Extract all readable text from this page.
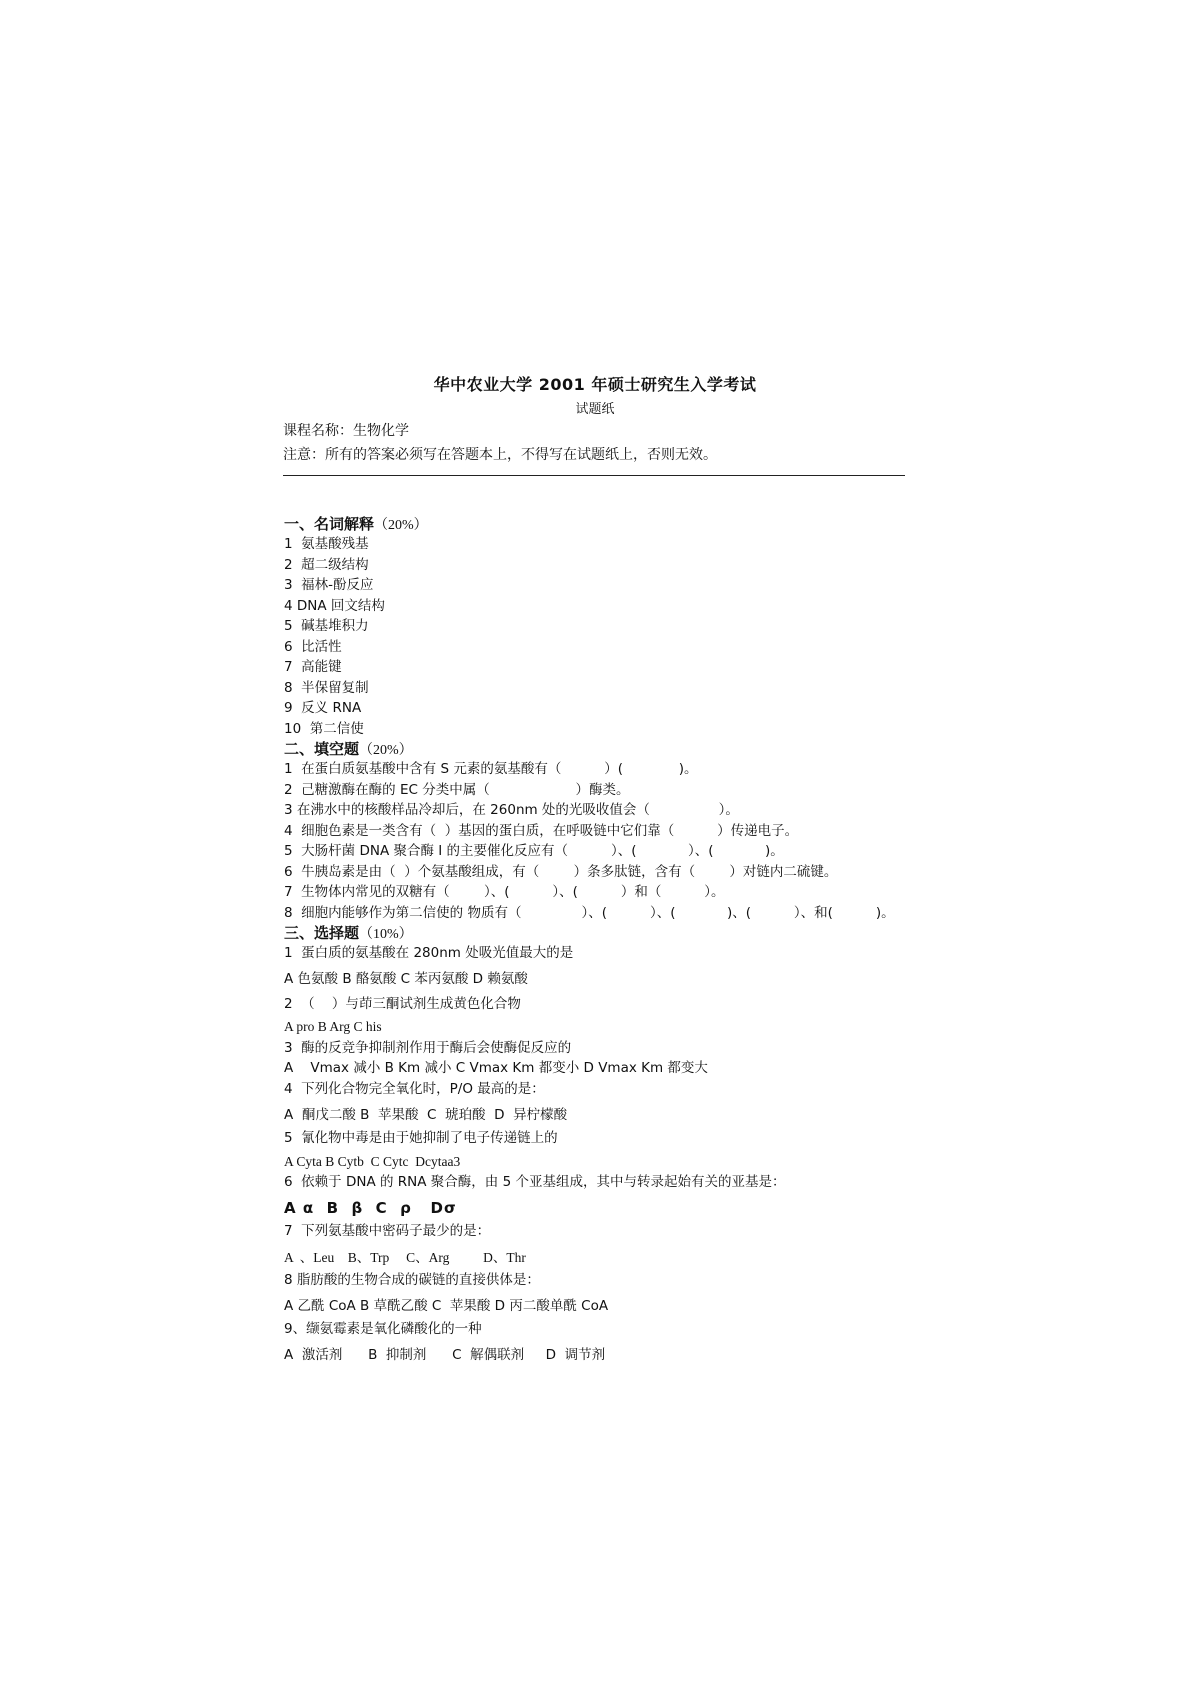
华中农业大学 2001 年硕士研究生入学考试
试题纸
课程名称：生物化学
注意：所有的答案必须写在答题本上，不得写在试题纸上，否则无效。
一、名词解释（20%）
1  氨基酸残基
2  超二级结构
3  福林-酚反应
4 DNA 回文结构
5  碱基堆积力
6  比活性
7  高能键
8  半保留复制
9  反义 RNA
10  第二信使
二、填空题（20%）
1  在蛋白质氨基酸中含有 S 元素的氨基酸有（          ）(             )。
2  己糖激酶在酶的 EC 分类中属（                    ）酶类。
3 在沸水中的核酸样品冷却后，在 260nm 处的光吸收值会（                ）。
4  细胞色素是一类含有（  ）基因的蛋白质，在呼吸链中它们靠（          ）传递电子。
5  大肠杆菌 DNA 聚合酶 I 的主要催化反应有（          ）、(            ）、(            )。
6  牛胰岛素是由（  ）个氨基酸组成，有（        ）条多肽链，含有（        ）对链内二硫键。
7  生物体内常见的双糖有（        ）、(          ）、(          ）和（          ）。
8  细胞内能够作为第二信使的 物质有（              ）、(          ）、(            )、(          ）、和(          )。
三、选择题（10%）
1  蛋白质的氨基酸在 280nm 处吸光值最大的是
A 色氨酸 B 酪氨酸 C 苯丙氨酸 D 赖氨酸
2  （    ）与茚三酮试剂生成黄色化合物
A pro B Arg C his
3  酶的反竞争抑制剂作用于酶后会使酶促反应的
A    Vmax 减小 B Km 减小 C Vmax Km 都变小 D Vmax Km 都变大
4  下列化合物完全氧化时，P/O 最高的是：
A  酮戊二酸 B  苹果酸  C  琥珀酸  D  异柠檬酸
5  氰化物中毒是由于她抑制了电子传递链上的
A Cyta B Cytb  C Cytc  Dcytaa3
6  依赖于 DNA 的 RNA 聚合酶，由 5 个亚基组成，其中与转录起始有关的亚基是：
A α  B  β  C  ρ   Dσ
7  下列氨基酸中密码子最少的是：
A  、Leu    B、Trp     C、Arg          D、Thr
8 脂肪酸的生物合成的碳链的直接供体是：
A 乙酰 CoA B 草酰乙酸 C  苹果酸 D 丙二酸单酰 CoA
9、缬氨霉素是氧化磷酸化的一种
A  激活剂      B  抑制剂      C  解偶联剂     D  调节剂
